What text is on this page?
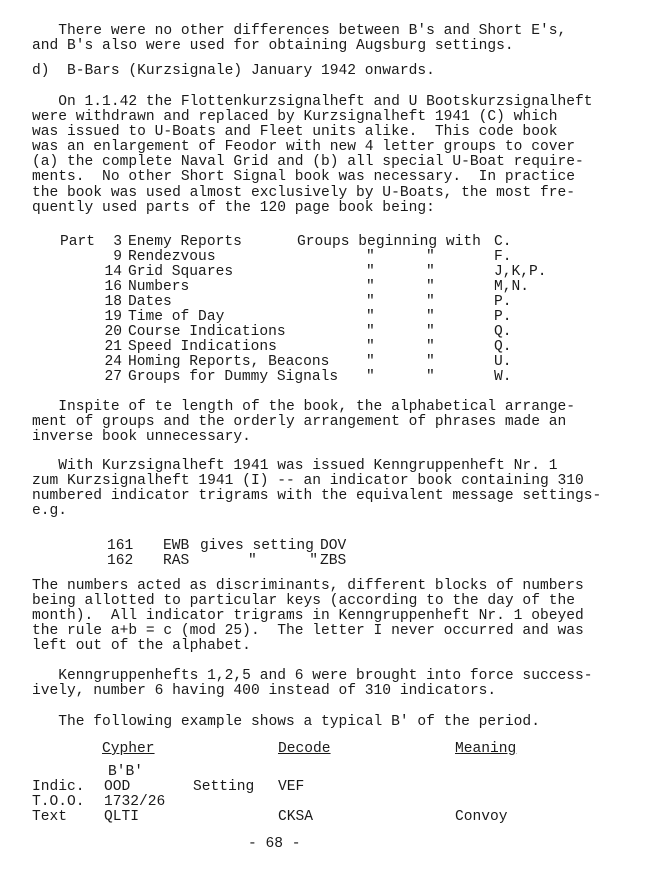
There were no other differences between B's and Short E's,
and B's also were used for obtaining Augsburg settings.
d)  B-Bars (Kurzsignale) January 1942 onwards.
On 1.1.42 the Flottenkurzsignalheft and U Bootskurzsignalheft
were withdrawn and replaced by Kurzsignalheft 1941 (C) which
was issued to U-Boats and Fleet units alike.  This code book
was an enlargement of Feodor with new 4 letter groups to cover
(a) the complete Naval Grid and (b) all special U-Boat require-
ments.  No other Short Signal book was necessary.  In practice
the book was used almost exclusively by U-Boats, the most fre-
quently used parts of the 120 page book being:
Part	Groups beginning with
3 Enemy Reports	C.
9 Rendezvous	"	"	F.
14 Grid Squares	"	"	J,K,P.
16 Numbers	"	"	M,N.
18 Dates	"	"	P.
19 Time of Day	"	"	P.
20 Course Indications	"	"	Q.
21 Speed Indications	"	"	Q.
24 Homing Reports, Beacons	"	"	U.
27 Groups for Dummy Signals "	"	W.
Inspite of te length of the book, the alphabetical arrange-
ment of groups and the orderly arrangement of phrases made an
inverse book unnecessary.
With Kurzsignalheft 1941 was issued Kenngruppenheft Nr. 1
zum Kurzsignalheft 1941 (I) -- an indicator book containing 310
numbered indicator trigrams with the equivalent message settings-
e.g.
161 EWB gives setting DOV
162 RAS	"      " ZBS
The numbers acted as discriminants, different blocks of numbers
being allotted to particular keys (according to the day of the
month).  All indicator trigrams in Kenngruppenheft Nr. 1 obeyed
the rule a+b = c (mod 25).  The letter I never occurred and was
left out of the alphabet.
Kenngruppenhefts 1,2,5 and 6 were brought into force success-
ively, number 6 having 400 instead of 310 indicators.
The following example shows a typical B' of the period.
Cypher	Decode	Meaning
B'B'
Indic. OOD	Setting VEF
T.O.O. 1732/26
Text	QLTI	CKSA	Convoy
- 68 -
